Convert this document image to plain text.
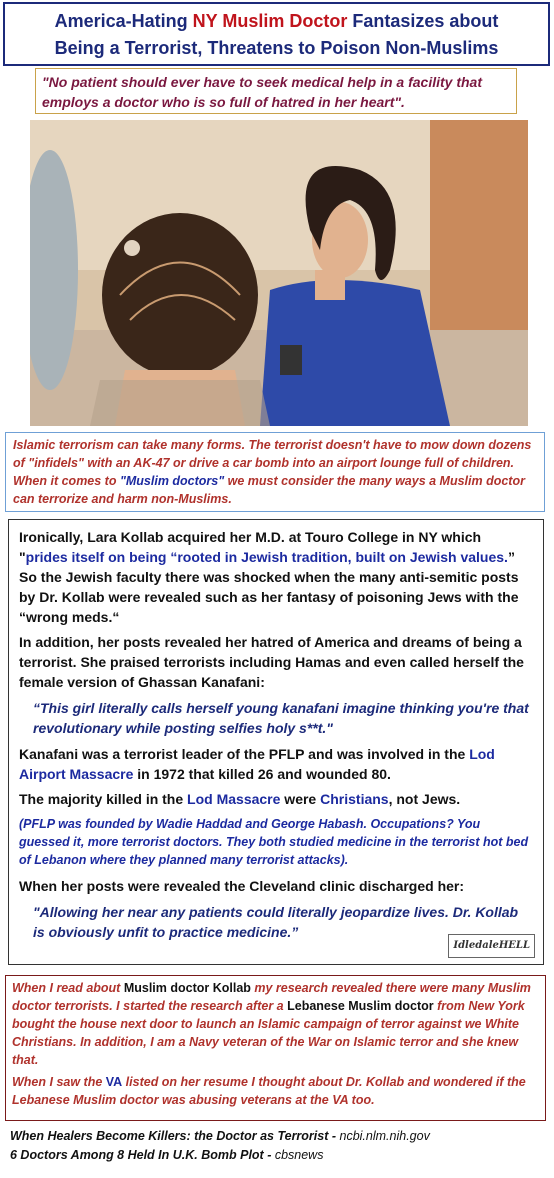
America-Hating NY Muslim Doctor Fantasizes about
Being a Terrorist, Threatens to Poison Non-Muslims
"No patient should ever have to seek medical help in a facility that employs a doctor who is so full of hatred in her heart".
Islamic terrorism can take many forms. The terrorist doesn't have to mow down dozens of "infidels" with an AK-47 or drive a car bomb into an airport lounge full of children. When it comes to "Muslim doctors" we must consider the many ways a Muslim doctor can terrorize and harm non-Muslims.

Ironically, Lara Kollab acquired her M.D. at Touro College in NY which "prides itself on being “rooted in Jewish tradition, built on Jewish values.” So the Jewish faculty there was shocked when the many anti-semitic posts by Dr. Kollab were revealed such as her fantasy of poisoning Jews with the “wrong meds.“

In addition, her posts revealed her hatred of America and dreams of being a terrorist. She praised terrorists including Hamas and even called herself the female version of Ghassan Kanafani:

“This girl literally calls herself young kanafani imagine thinking you're that revolutionary while posting selfies holy s**t."

Kanafani was a terrorist leader of the PFLP and was involved in the Lod Airport Massacre in 1972 that killed 26 and wounded 80.

The majority killed in the Lod Massacre were Christians, not Jews.

(PFLP was founded by Wadie Haddad and George Habash. Occupations? You guessed it, more terrorist doctors. They both studied medicine in the terrorist hot bed of Lebanon where they planned many terrorist attacks).

When her posts were revealed the Cleveland clinic discharged her:

"Allowing her near any patients could literally jeopardize lives. Dr. Kollab is obviously unfit to practice medicine.”

IdledaleHELL

When I read about Muslim doctor Kollab my research revealed there were many Muslim doctor terrorists. I started the research after a Lebanese Muslim doctor from New York bought the house next door to launch an Islamic campaign of terror against we White Christians. In addition, I am a Navy veteran of the War on Islamic terror and she knew that.

When I saw the VA listed on her resume I thought about Dr. Kollab and wondered if the Lebanese Muslim doctor was abusing veterans at the VA too.

When Healers Become Killers: the Doctor as Terrorist - ncbi.nlm.nih.gov
6 Doctors Among 8 Held In U.K. Bomb Plot - cbsnews
